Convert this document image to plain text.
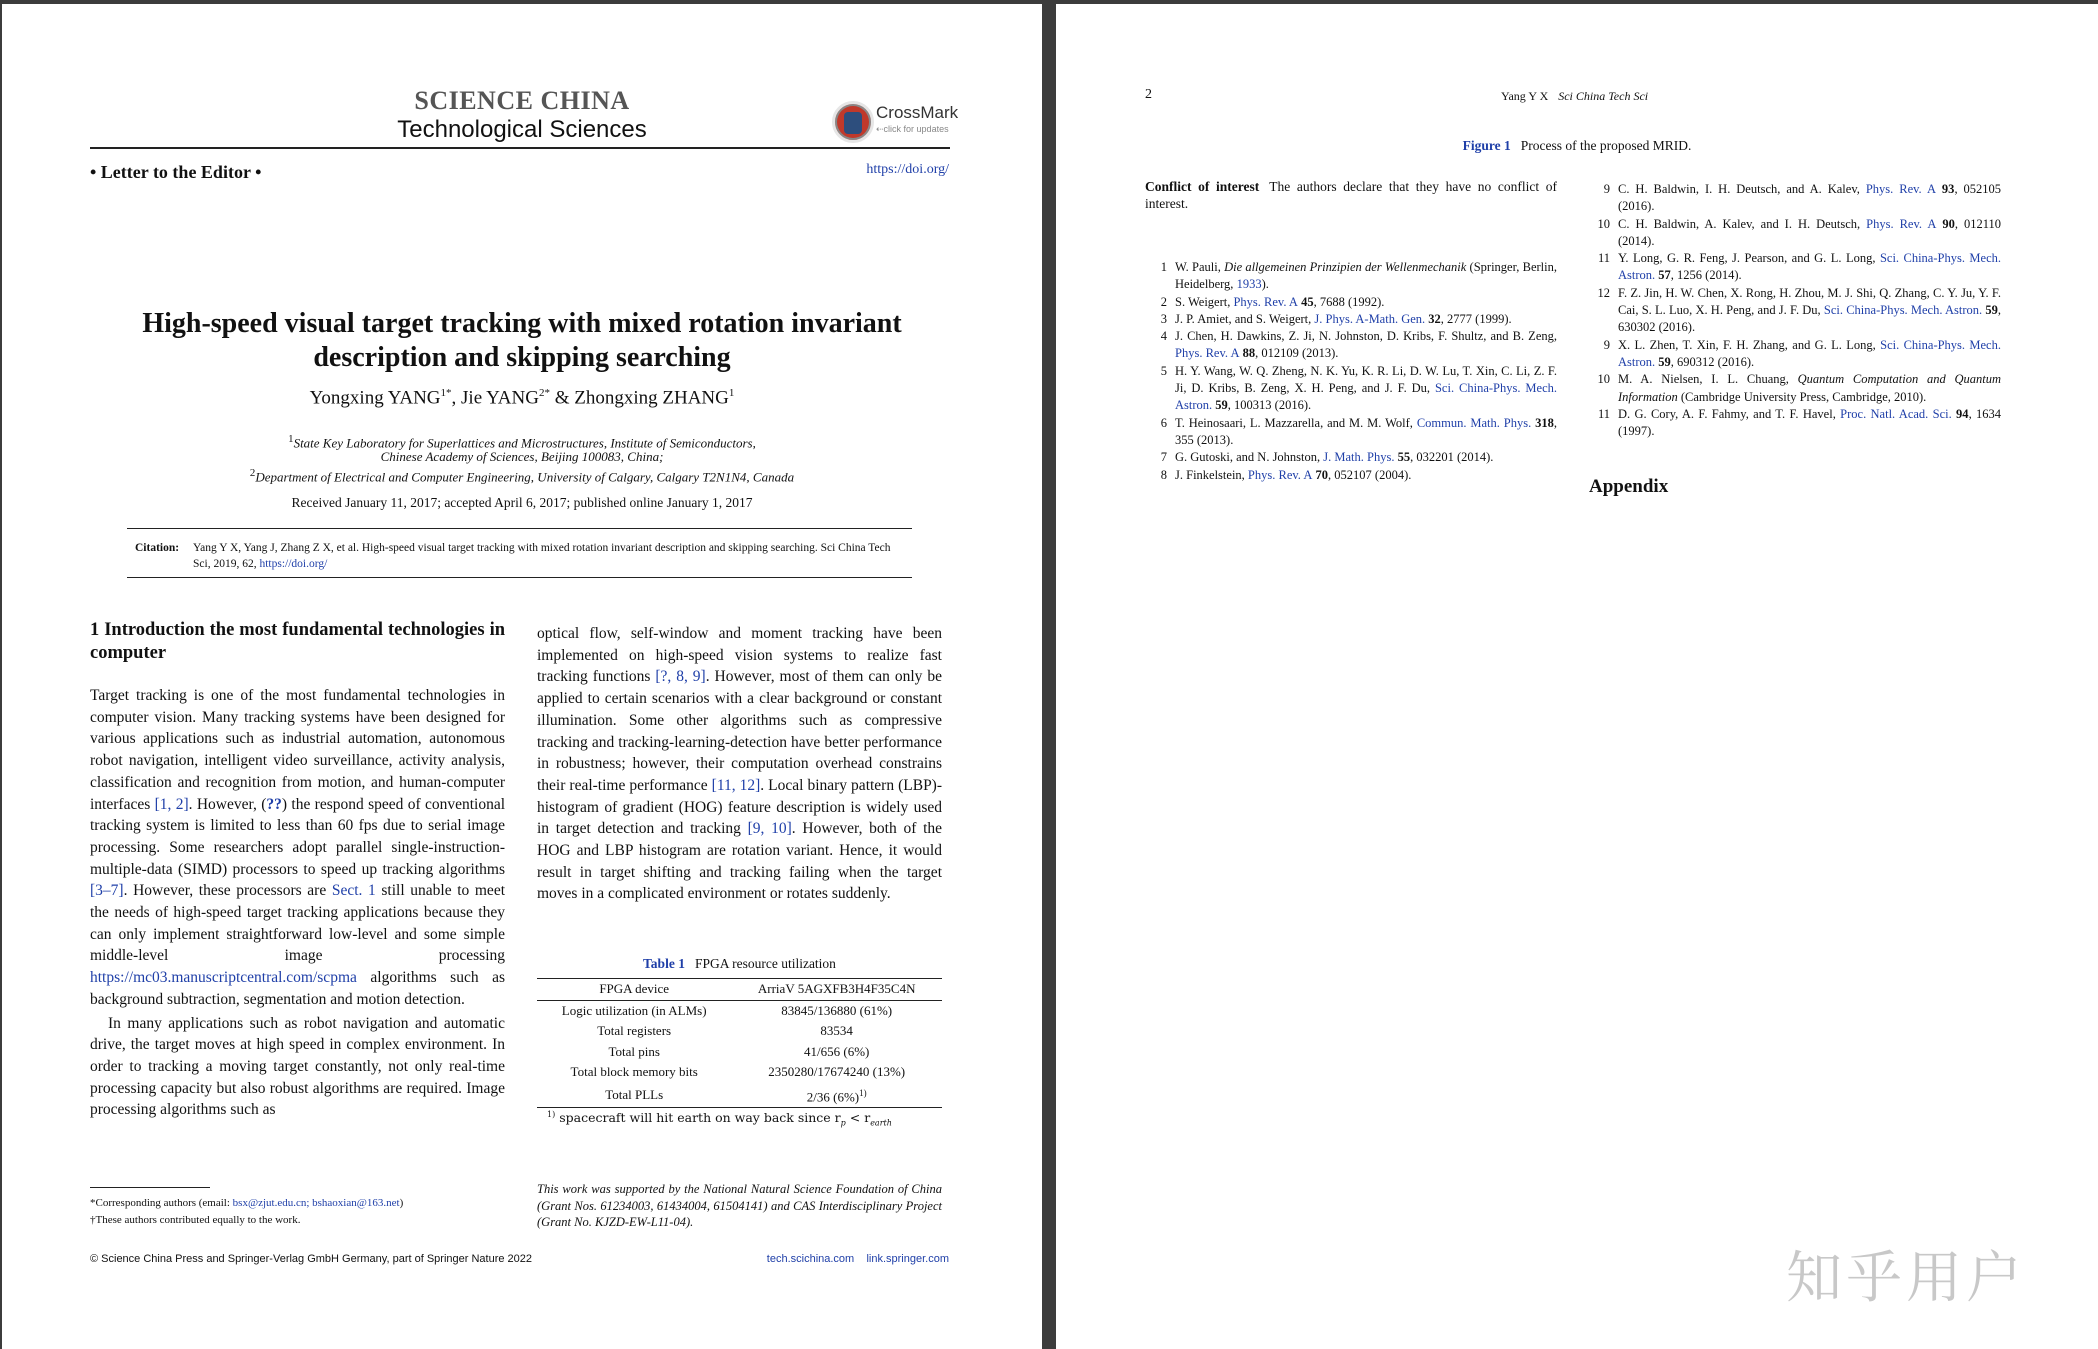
SCIENCE CHINA
Technological Sciences
CrossMark
⇠click for updates
• Letter to the Editor •	https://doi.org/
High-speed visual target tracking with mixed rotation invariant description and skipping searching
Yongxing $YANG^{1*}$, Jie $YANG^{2*}$ & Zhongxing ZHANG$^1$
$^1$State Key Laboratory for Superlattices and Microstructures, Institute of Semiconductors,
Chinese Academy of Sciences, Beijing 100083, China;
$^2$Department of Electrical and Computer Engineering, University of Calgary, Calgary T2N1N4, Canada
Received January 11, 2017; accepted April 6, 2017; published online January 1, 2017
Citation: Yang Y X, Yang J, Zhang Z X, et al. High-speed visual target tracking with mixed rotation invariant description and skipping searching. Sci China Tech Sci, 2019, 62, https://doi.org/
1 Introduction the most fundamental technologies in computer

Target tracking is one of the most fundamental technologies in computer vision. Many tracking systems have been designed for various applications such as industrial automation, autonomous robot navigation, intelligent video surveillance, activity analysis, classification and recognition from motion, and human-computer interfaces [1, 2]. However, (??) the respond speed of conventional tracking system is limited to less than 60 fps due to serial image processing. Some researchers adopt parallel single-instruction-multiple-data (SIMD) processors to speed up tracking algorithms [3–7]. However, these processors are Sect. 1 still unable to meet the needs of high-speed target tracking applications because they can only implement straightforward low-level and some simple middle-level image processing https://mc03.manuscriptcentral.com/scpma algorithms such as background subtraction, segmentation and motion detection.

In many applications such as robot navigation and automatic drive, the target moves at high speed in complex environment. In order to tracking a moving target constantly, not only real-time processing capacity but also robust algorithms are required. Image processing algorithms such as

optical flow, self-window and moment tracking have been implemented on high-speed vision systems to realize fast tracking functions [?, 8, 9]. However, most of them can only be applied to certain scenarios with a clear background or constant illumination. Some other algorithms such as compressive tracking and tracking-learning-detection have better performance in robustness; however, their computation overhead constrains their real-time performance [11, 12]. Local binary pattern (LBP)-histogram of gradient (HOG) feature description is widely used in target detection and tracking [9, 10]. However, both of the HOG and LBP histogram are rotation variant. Hence, it would result in target shifting and tracking failing when the target moves in a complicated environment or rotates suddenly.

Table 1 FPGA resource utilization
FPGA device	ArriaV 5AGXFB3H4F35C4N
Logic utilization (in ALMs)	83845/136880 (61%)
Total registers	83534
Total pins	41/656 (6%)
Total block memory bits	2350280/17674240 (13%)
Total PLLs	2/36 $(6\%)^{1)}$
$^{1)}$ spacecraft will hit earth on way back since $r_p < r_{earth}$
This work was supported by the National Natural Science Foundation of China (Grant Nos. 61234003, 61434004, 61504141) and CAS Interdisciplinary Project (Grant No. KJZD-EW-L11-04).
*Corresponding authors (email: bsx@zjut.edu.cn; bshaoxian@163.net)
†These authors contributed equally to the work.
© Science China Press and Springer-Verlag GmbH Germany, part of Springer Nature 2022	tech.scichina.com link.springer.com
2	Yang Y X Sci China Tech Sci
Figure 1 Process of the proposed MRID.
Conflict of interest The authors declare that they have no conflict of interest.
1 W. Pauli, Die allgemeinen Prinzipien der Wellenmechanik (Springer, Berlin, Heidelberg, 1933).
2 S. Weigert, Phys. Rev. A 45, 7688 (1992).
3 J. P. Amiet, and S. Weigert, J. Phys. A-Math. Gen. 32, 2777 (1999).
4 J. Chen, H. Dawkins, Z. Ji, N. Johnston, D. Kribs, F. Shultz, and B. Zeng, Phys. Rev. A 88, 012109 (2013).
5 H. Y. Wang, W. Q. Zheng, N. K. Yu, K. R. Li, D. W. Lu, T. Xin, C. Li, Z. F. Ji, D. Kribs, B. Zeng, X. H. Peng, and J. F. Du, Sci. China-Phys. Mech. Astron. 59, 100313 (2016).
6 T. Heinosaari, L. Mazzarella, and M. M. Wolf, Commun. Math. Phys. 318, 355 (2013).
7 G. Gutoski, and N. Johnston, J. Math. Phys. 55, 032201 (2014).
8 J. Finkelstein, Phys. Rev. A 70, 052107 (2004).
9 C. H. Baldwin, I. H. Deutsch, and A. Kalev, Phys. Rev. A 93, 052105 (2016).
10 C. H. Baldwin, A. Kalev, and I. H. Deutsch, Phys. Rev. A 90, 012110 (2014).
11 Y. Long, G. R. Feng, J. Pearson, and G. L. Long, Sci. China-Phys. Mech. Astron. 57, 1256 (2014).
12 F. Z. Jin, H. W. Chen, X. Rong, H. Zhou, M. J. Shi, Q. Zhang, C. Y. Ju, Y. F. Cai, S. L. Luo, X. H. Peng, and J. F. Du, Sci. China-Phys. Mech. Astron. 59, 630302 (2016).
9 X. L. Zhen, T. Xin, F. H. Zhang, and G. L. Long, Sci. China-Phys. Mech. Astron. 59, 690312 (2016).
10 M. A. Nielsen, I. L. Chuang, Quantum Computation and Quantum Information (Cambridge University Press, Cambridge, 2010).
11 D. G. Cory, A. F. Fahmy, and T. F. Havel, Proc. Natl. Acad. Sci. 94, 1634 (1997).
Appendix
知乎用户
